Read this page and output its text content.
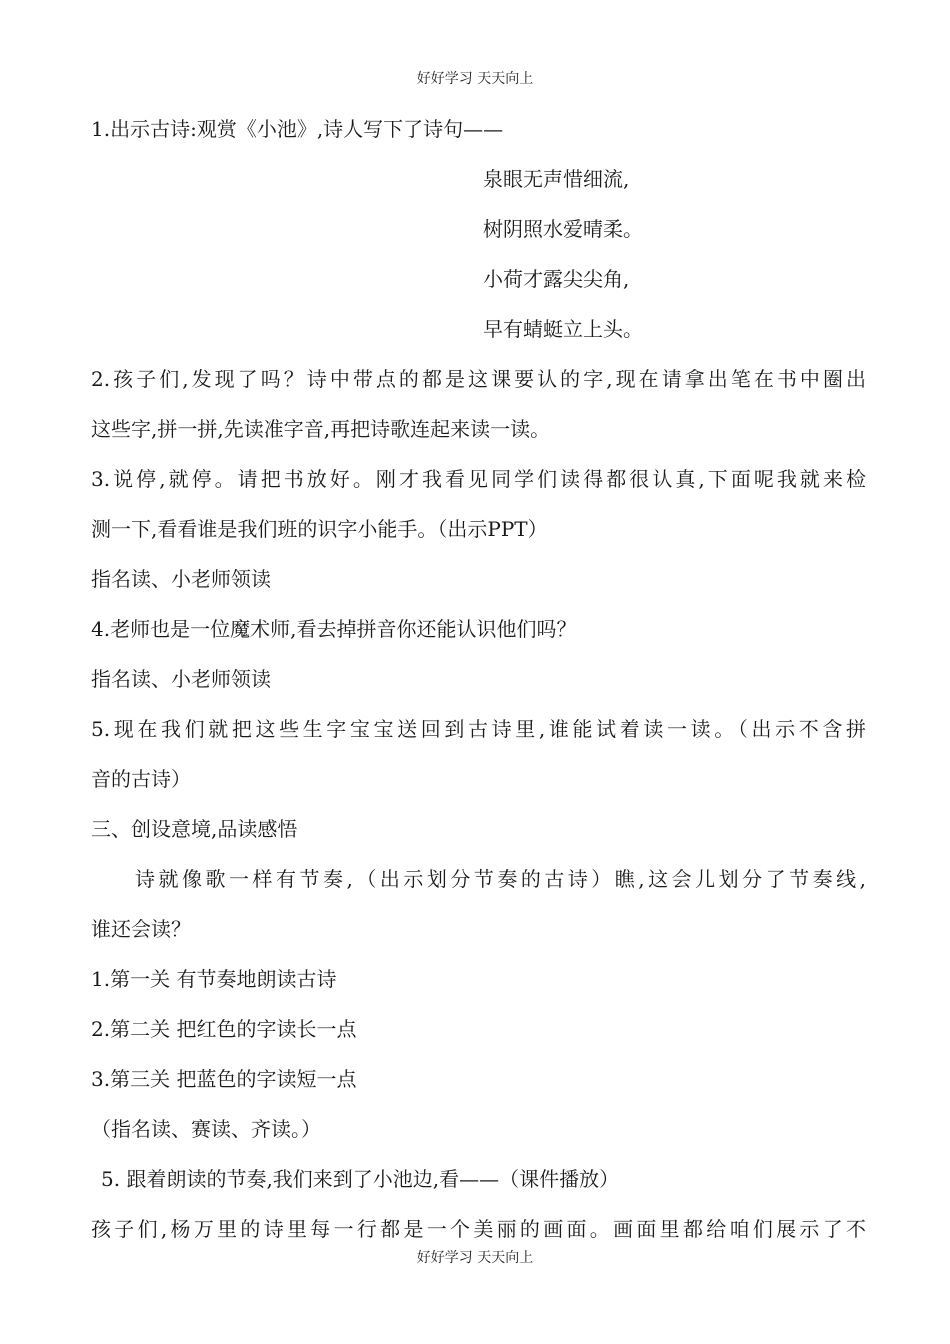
好好学习 天天向上
1.出示古诗:观赏《小池》,诗人写下了诗句——
泉眼无声惜细流,
树阴照水爱晴柔。
小荷才露尖尖角,
早有蜻蜓立上头。
2.孩子们,发现了吗？诗中带点的都是这课要认的字,现在请拿出笔在书中圈出
这些字,拼一拼,先读准字音,再把诗歌连起来读一读。
3.说停,就停。请把书放好。刚才我看见同学们读得都很认真,下面呢我就来检
测一下,看看谁是我们班的识字小能手。（出示PPT）
指名读、小老师领读
4.老师也是一位魔术师,看去掉拼音你还能认识他们吗？
指名读、小老师领读
5.现在我们就把这些生字宝宝送回到古诗里,谁能试着读一读。（出示不含拼
音的古诗）
三、创设意境,品读感悟
诗就像歌一样有节奏,（出示划分节奏的古诗）瞧,这会儿划分了节奏线,
谁还会读？
1.第一关 有节奏地朗读古诗
2.第二关 把红色的字读长一点
3.第三关 把蓝色的字读短一点
（指名读、赛读、齐读。）
5. 跟着朗读的节奏,我们来到了小池边,看——（课件播放）
孩子们,杨万里的诗里每一行都是一个美丽的画面。画面里都给咱们展示了不
好好学习 天天向上
